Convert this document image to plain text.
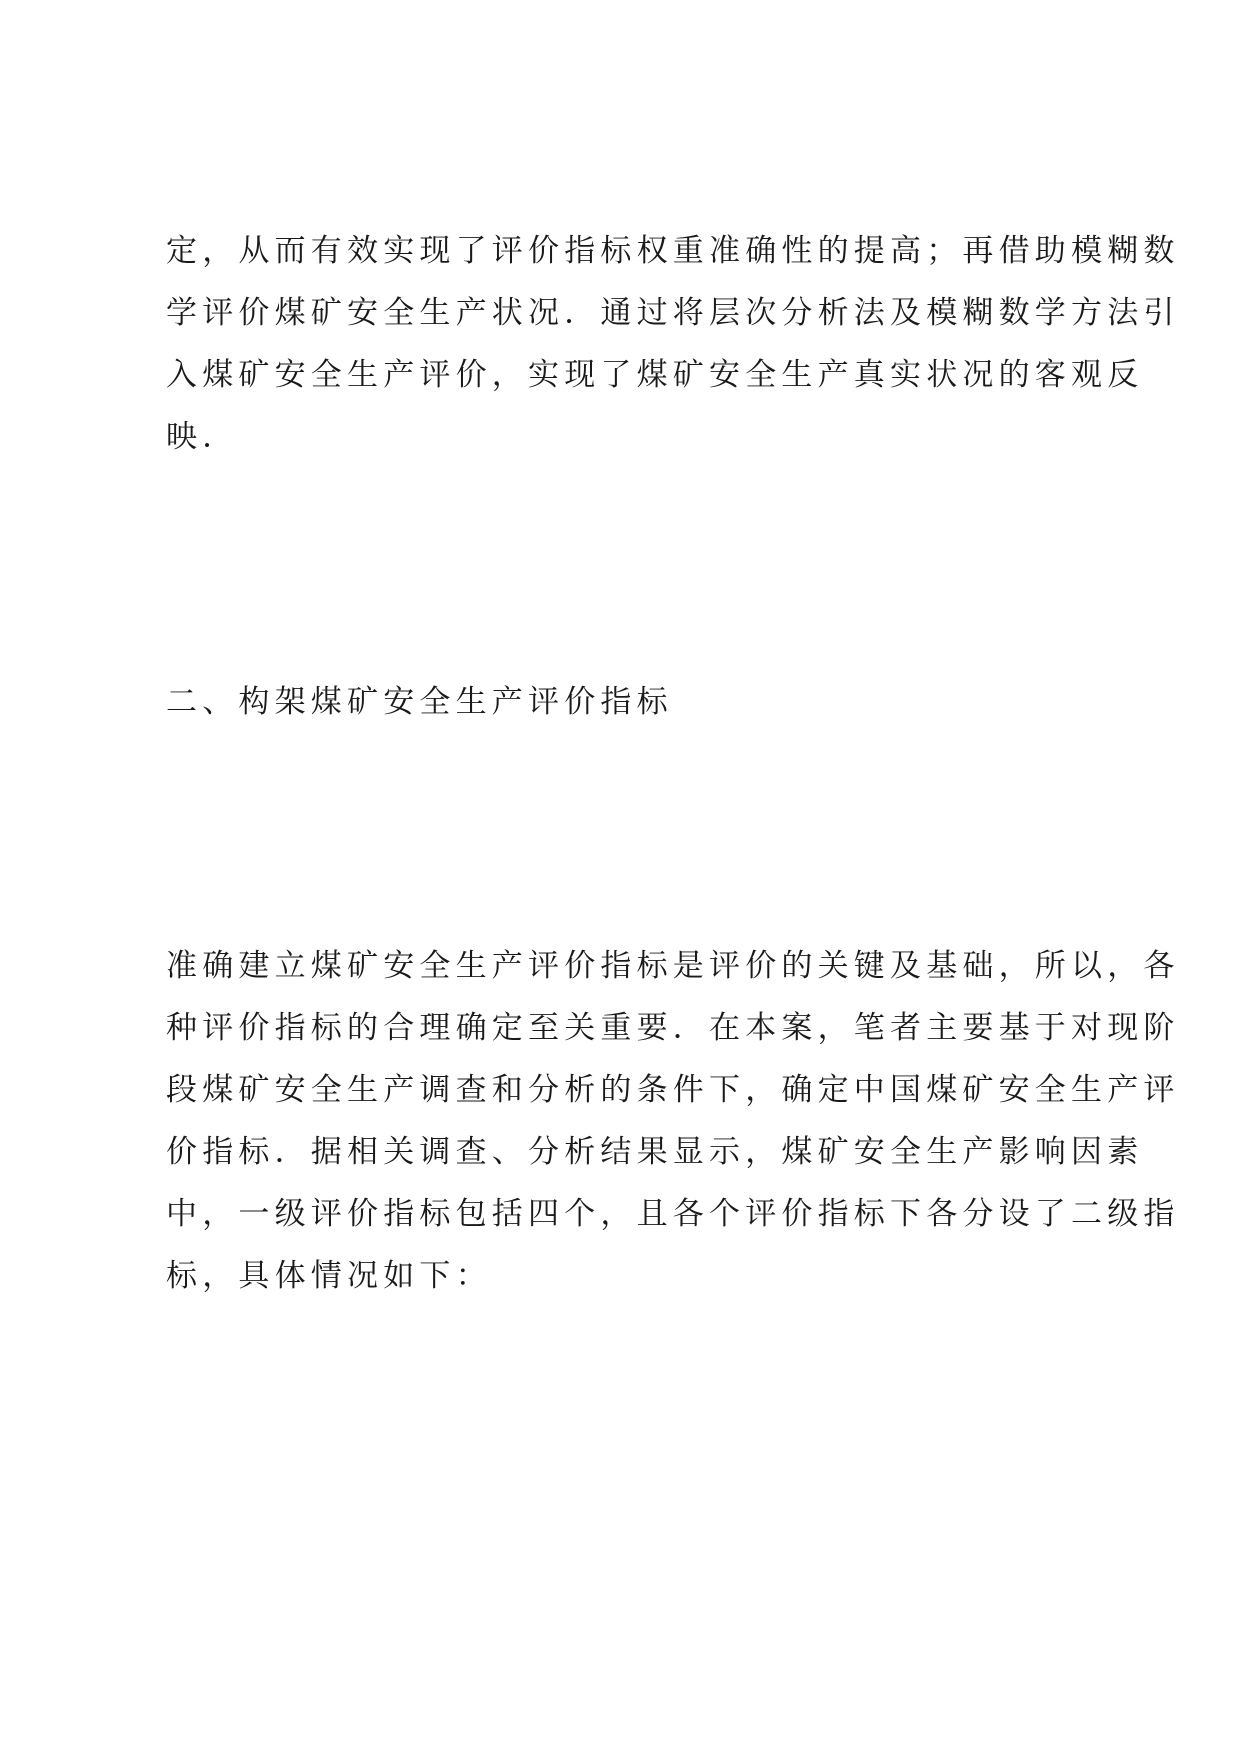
定，从而有效实现了评价指标权重准确性的提高；再借助模糊数
学评价煤矿安全生产状况．通过将层次分析法及模糊数学方法引
入煤矿安全生产评价，实现了煤矿安全生产真实状况的客观反
映．
二、构架煤矿安全生产评价指标
准确建立煤矿安全生产评价指标是评价的关键及基础，所以，各
种评价指标的合理确定至关重要．在本案，笔者主要基于对现阶
段煤矿安全生产调查和分析的条件下，确定中国煤矿安全生产评
价指标．据相关调查、分析结果显示，煤矿安全生产影响因素
中，一级评价指标包括四个，且各个评价指标下各分设了二级指
标，具体情况如下：
